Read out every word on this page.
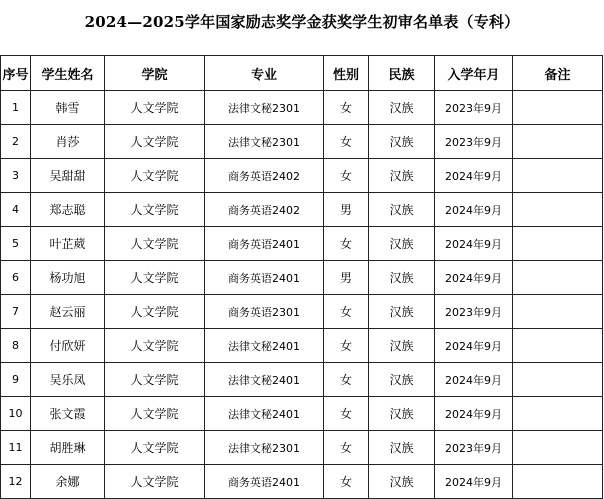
2024—2025学年国家励志奖学金获奖学生初审名单表（专科）
序号	学生姓名	学院	专业	性别	民族	入学年月	备注
1	韩雪	人文学院	法律文秘2301	女	汉族	2023年9月	
2	肖莎	人文学院	法律文秘2301	女	汉族	2023年9月	
3	吴甜甜	人文学院	商务英语2402	女	汉族	2024年9月	
4	郑志聪	人文学院	商务英语2402	男	汉族	2024年9月	
5	叶芷葳	人文学院	商务英语2401	女	汉族	2024年9月	
6	杨功旭	人文学院	商务英语2401	男	汉族	2024年9月	
7	赵云丽	人文学院	商务英语2301	女	汉族	2023年9月	
8	付欣妍	人文学院	法律文秘2401	女	汉族	2024年9月	
9	吴乐凤	人文学院	法律文秘2401	女	汉族	2024年9月	
10	张文霞	人文学院	法律文秘2401	女	汉族	2024年9月	
11	胡胜琳	人文学院	法律文秘2301	女	汉族	2023年9月	
12	余娜	人文学院	商务英语2401	女	汉族	2024年9月	
